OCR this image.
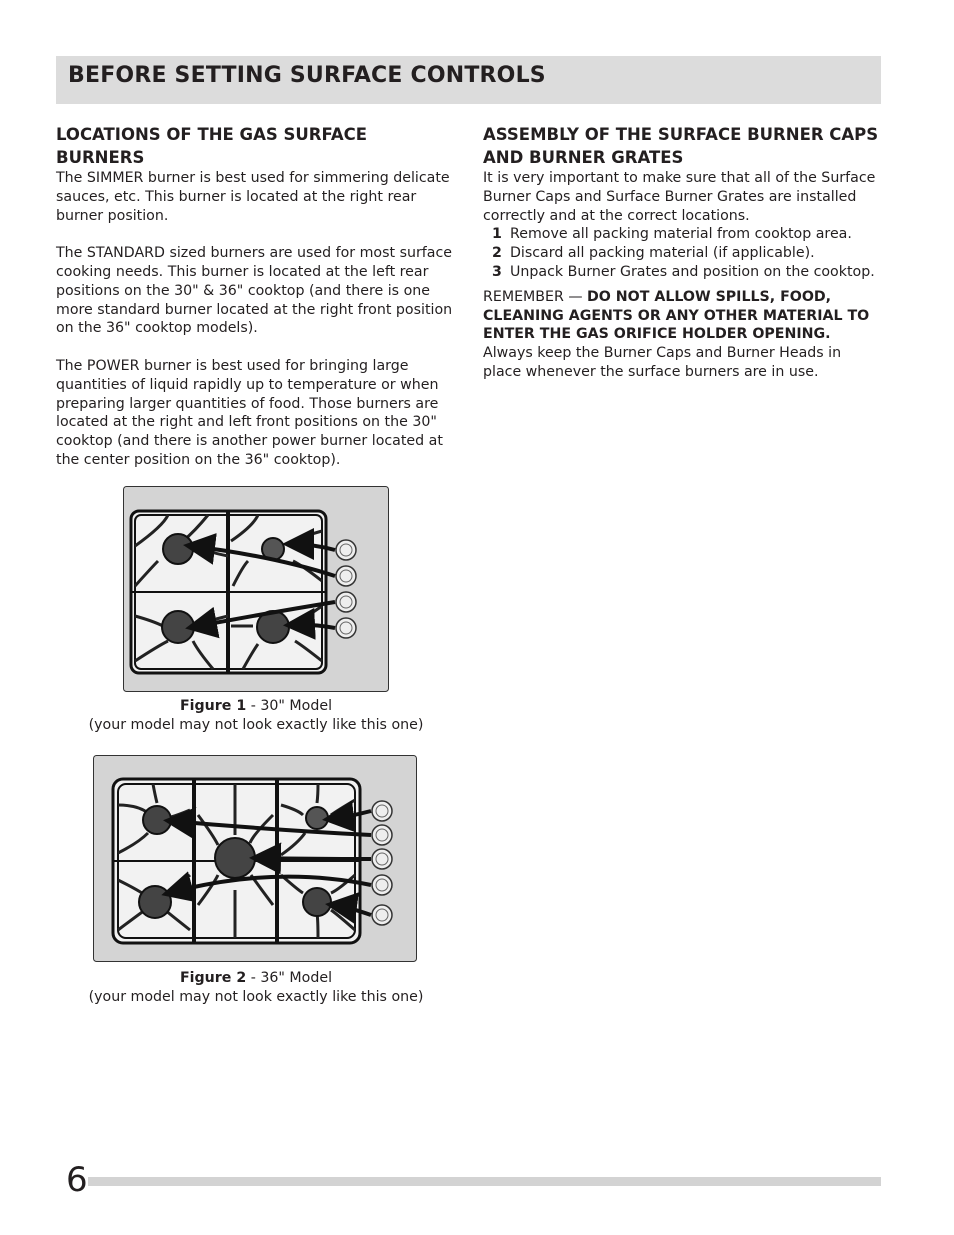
BEFORE SETTING SURFACE CONTROLS
LOCATIONS OF THE GAS SURFACE BURNERS

The SIMMER burner is best used for simmering delicate sauces, etc. This burner is located at the right rear burner position.

The STANDARD sized burners are used for most surface cooking needs. This burner is located at the left rear positions on the 30" & 36" cooktop (and there is one more standard burner located at the right front position on the 36" cooktop models).

The POWER burner is best used for bringing large quantities of liquid rapidly up to temperature or when preparing larger quantities of food. Those burners are located at the right and left front positions on the 30" cooktop (and there is another power burner located at the center position on the 36" cooktop).

ASSEMBLY OF THE SURFACE BURNER CAPS AND BURNER GRATES

It is very important to make sure that all of the Surface Burner Caps and Surface Burner Grates are installed correctly and at the correct locations.

1 Remove all packing material from cooktop area.
2 Discard all packing material (if applicable).
3 Unpack Burner Grates and position on the cooktop.

REMEMBER — DO NOT ALLOW SPILLS, FOOD, CLEANING AGENTS OR ANY OTHER MATERIAL TO ENTER THE GAS ORIFICE HOLDER OPENING. Always keep the Burner Caps and Burner Heads in place whenever the surface burners are in use.

Figure 1 - 30" Model
(your model may not look exactly like this one)
Figure 2 - 36" Model
(your model may not look exactly like this one)
6
